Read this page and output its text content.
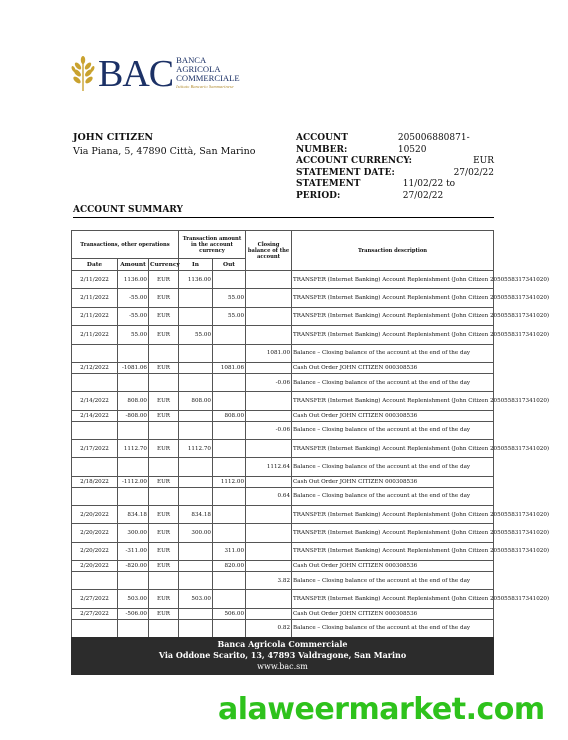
BAC BANCA
AGRICOLA
COMMERCIALE
Istituto Bancario Sammarinese
JOHN CITIZEN
Via Piana, 5, 47890 Città, San Marino
ACCOUNT NUMBER:
205006880871-10520
ACCOUNT CURRENCY:	EUR
STATEMENT DATE:	27/02/22
STATEMENT PERIOD:
11/02/22 to 27/02/22
ACCOUNT SUMMARY
Transactions, other operations			Transaction amount in the account currency		Closing balance of the account	Transaction description
Date	Amount	Currency	In	Out		
2/11/2022	1136.00	EUR	1136.00			TRANSFER (Internet Banking) Account Replenishment (John Citizen 2050558317341020)
2/11/2022	-55.00	EUR		55.00		TRANSFER (Internet Banking) Account Replenishment (John Citizen 2050558317341020)
2/11/2022	-55.00	EUR		55.00		TRANSFER (Internet Banking) Account Replenishment (John Citizen 2050558317341020)
2/11/2022	55.00	EUR	55.00			TRANSFER (Internet Banking) Account Replenishment (John Citizen 2050558317341020)
					1081.00	Balance – Closing balance of the account at the end of the day
2/12/2022	-1081.06	EUR		1081.06		Cash Out Order JOHN CITIZEN 000308536
					-0.06	Balance – Closing balance of the account at the end of the day
2/14/2022	808.00	EUR	808.00			TRANSFER (Internet Banking) Account Replenishment (John Citizen 2050558317341020)
2/14/2022	-808.00	EUR		808.00		Cash Out Order JOHN CITIZEN 000308536
					-0.06	Balance – Closing balance of the account at the end of the day
2/17/2022	1112.70	EUR	1112.70			TRANSFER (Internet Banking) Account Replenishment (John Citizen 2050558317341020)
					1112.64	Balance – Closing balance of the account at the end of the day
2/18/2022	-1112.00	EUR		1112.00		Cash Out Order JOHN CITIZEN 000308536
					0.64	Balance – Closing balance of the account at the end of the day
2/20/2022	834.18	EUR	834.18			TRANSFER (Internet Banking) Account Replenishment (John Citizen 2050558317341020)
2/20/2022	300.00	EUR	300.00			TRANSFER (Internet Banking) Account Replenishment (John Citizen 2050558317341020)
2/20/2022	-311.00	EUR		311.00		TRANSFER (Internet Banking) Account Replenishment (John Citizen 2050558317341020)
2/20/2022	-820.00	EUR		820.00		Cash Out Order JOHN CITIZEN 000308536
					3.82	Balance – Closing balance of the account at the end of the day
2/27/2022	503.00	EUR	503.00			TRANSFER (Internet Banking) Account Replenishment (John Citizen 2050558317341020)
2/27/2022	-506.00	EUR		506.00		Cash Out Order JOHN CITIZEN 000308536
					0.82	Balance – Closing balance of the account at the end of the day
Banca Agricola Commerciale
Via Oddone Scarito, 13, 47893 Valdragone, San Marino
www.bac.sm
alaweermarket.com
